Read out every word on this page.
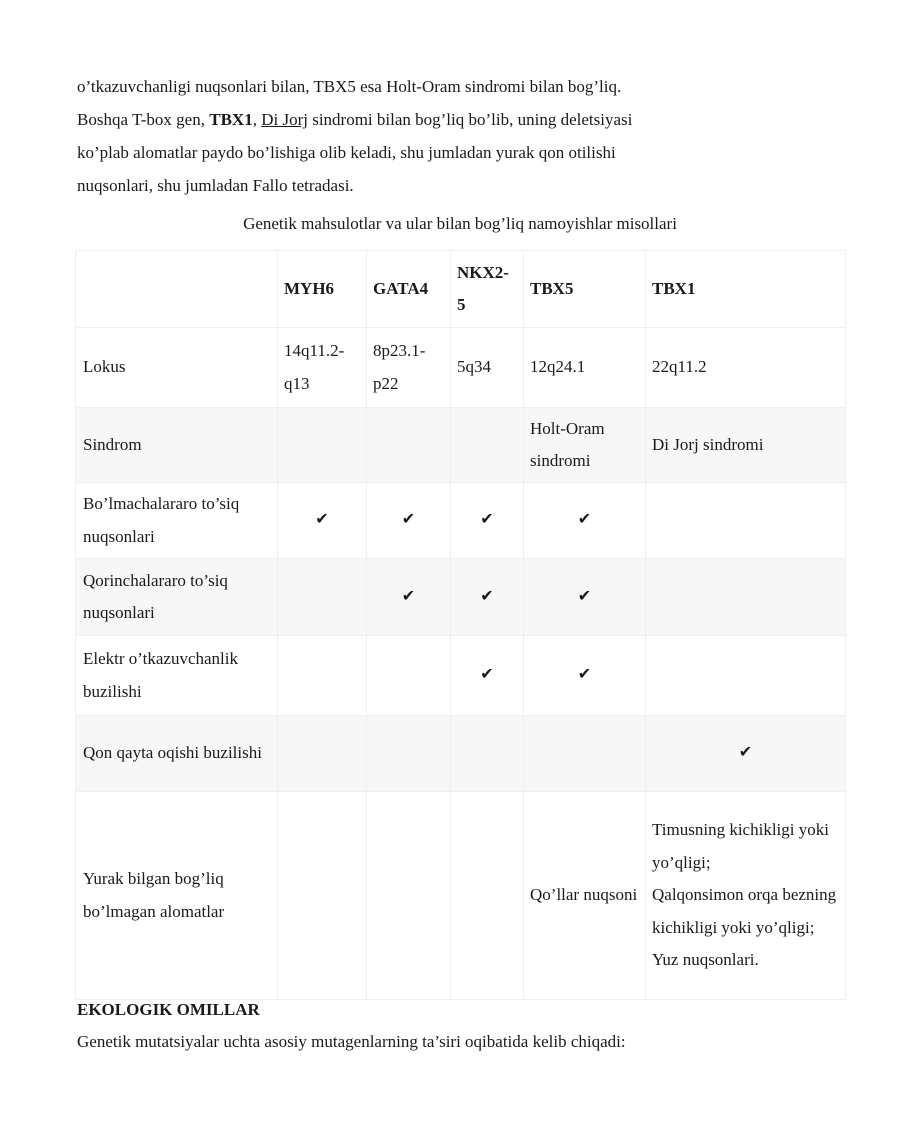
o’tkazuvchanligi nuqsonlari bilan, TBX5 esa Holt-Oram sindromi bilan bog’liq.

Boshqa T-box gen, TBX1, Di Jorj sindromi bilan bog’liq bo’lib, uning deletsiyasi

ko’plab alomatlar paydo bo’lishiga olib keladi, shu jumladan yurak qon otilishi

nuqsonlari, shu jumladan Fallo tetradasi.

Genetik mahsulotlar va ular bilan bog’liq namoyishlar misollari
	MYH6	GATA4	NKX2-5	TBX5	TBX1
Lokus	14q11.2-q13	8p23.1-p22	5q34	12q24.1	22q11.2
Sindrom				Holt-Oram sindromi	Di Jorj sindromi
Bo’lmachalararo to’siq nuqsonlari	✔	✔	✔	✔	
Qorinchalararo to’siq nuqsonlari		✔	✔	✔	
Elektr o’tkazuvchanlik buzilishi			✔	✔	
Qon qayta oqishi buzilishi					✔
Yurak bilgan bog’liq bo’lmagan alomatlar				Qo’llar nuqsoni	Timusning kichikligi yoki yo’qligi;
Qalqonsimon orqa bezning kichikligi yoki yo’qligi;
Yuz nuqsonlari.
EKOLOGIK OMILLAR

Genetik mutatsiyalar uchta asosiy mutagenlarning ta’siri oqibatida kelib chiqadi:
